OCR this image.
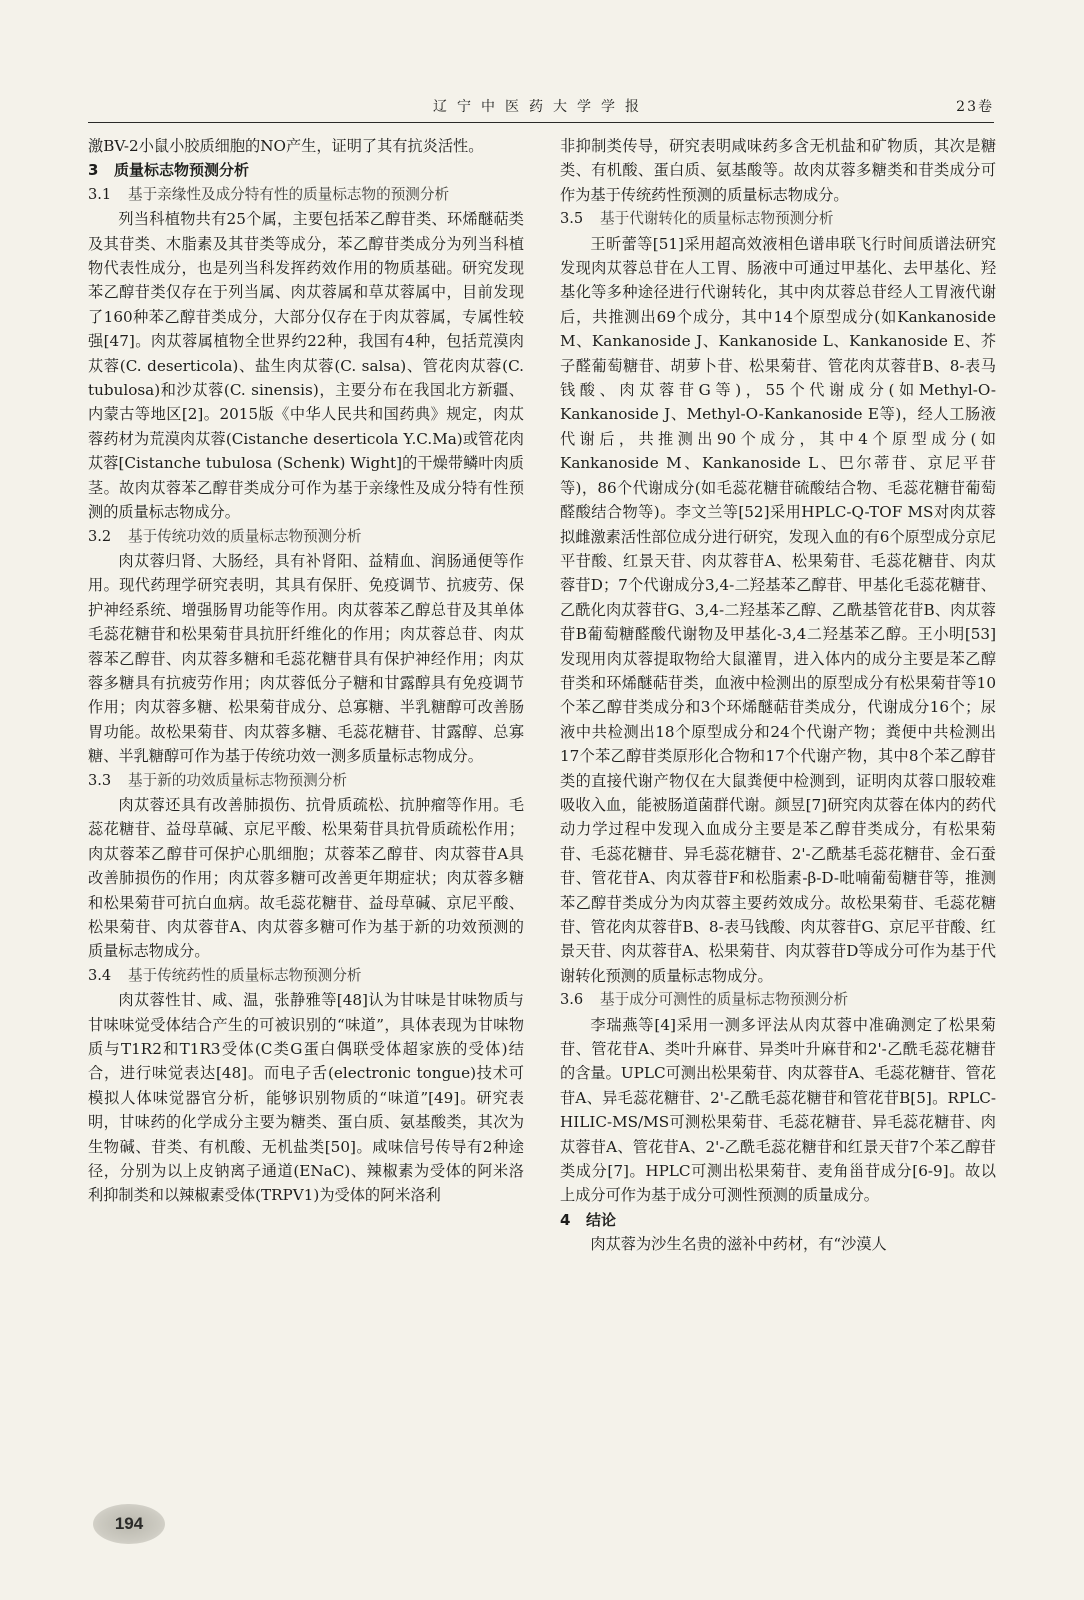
辽宁中医药大学学报	23卷

激BV-2小鼠小胶质细胞的NO产生，证明了其有抗炎活性。

3 质量标志物预测分析

3.1 基于亲缘性及成分特有性的质量标志物的预测分析

列当科植物共有25个属，主要包括苯乙醇苷类、环烯醚萜类及其苷类、木脂素及其苷类等成分，苯乙醇苷类成分为列当科植物代表性成分，也是列当科发挥药效作用的物质基础。研究发现苯乙醇苷类仅存在于列当属、肉苁蓉属和草苁蓉属中，目前发现了160种苯乙醇苷类成分，大部分仅存在于肉苁蓉属，专属性较强[47]。肉苁蓉属植物全世界约22种，我国有4种，包括荒漠肉苁蓉(C. deserticola)、盐生肉苁蓉(C. salsa)、管花肉苁蓉(C. tubulosa)和沙苁蓉(C. sinensis)，主要分布在我国北方新疆、内蒙古等地区[2]。2015版《中华人民共和国药典》规定，肉苁蓉药材为荒漠肉苁蓉(Cistanche deserticola Y.C.Ma)或管花肉苁蓉[Cistanche tubulosa (Schenk) Wight]的干燥带鳞叶肉质茎。故肉苁蓉苯乙醇苷类成分可作为基于亲缘性及成分特有性预测的质量标志物成分。

3.2 基于传统功效的质量标志物预测分析

肉苁蓉归肾、大肠经，具有补肾阳、益精血、润肠通便等作用。现代药理学研究表明，其具有保肝、免疫调节、抗疲劳、保护神经系统、增强肠胃功能等作用。肉苁蓉苯乙醇总苷及其单体毛蕊花糖苷和松果菊苷具抗肝纤维化的作用；肉苁蓉总苷、肉苁蓉苯乙醇苷、肉苁蓉多糖和毛蕊花糖苷具有保护神经作用；肉苁蓉多糖具有抗疲劳作用；肉苁蓉低分子糖和甘露醇具有免疫调节作用；肉苁蓉多糖、松果菊苷成分、总寡糖、半乳糖醇可改善肠胃功能。故松果菊苷、肉苁蓉多糖、毛蕊花糖苷、甘露醇、总寡糖、半乳糖醇可作为基于传统功效一测多质量标志物成分。

3.3 基于新的功效质量标志物预测分析

肉苁蓉还具有改善肺损伤、抗骨质疏松、抗肿瘤等作用。毛蕊花糖苷、益母草碱、京尼平酸、松果菊苷具抗骨质疏松作用；肉苁蓉苯乙醇苷可保护心肌细胞；苁蓉苯乙醇苷、肉苁蓉苷A具改善肺损伤的作用；肉苁蓉多糖可改善更年期症状；肉苁蓉多糖和松果菊苷可抗白血病。故毛蕊花糖苷、益母草碱、京尼平酸、松果菊苷、肉苁蓉苷A、肉苁蓉多糖可作为基于新的功效预测的质量标志物成分。

3.4 基于传统药性的质量标志物预测分析

肉苁蓉性甘、咸、温，张静雅等[48]认为甘味是甘味物质与甘味味觉受体结合产生的可被识别的“味道”，具体表现为甘味物质与T1R2和T1R3受体(C类G蛋白偶联受体超家族的受体)结合，进行味觉表达[48]。而电子舌(electronic tongue)技术可模拟人体味觉器官分析，能够识别物质的“味道”[49]。研究表明，甘味药的化学成分主要为糖类、蛋白质、氨基酸类，其次为生物碱、苷类、有机酸、无机盐类[50]。咸味信号传导有2种途径，分别为以上皮钠离子通道(ENaC)、辣椒素为受体的阿米洛利抑制类和以辣椒素受体(TRPV1)为受体的阿米洛利

非抑制类传导，研究表明咸味药多含无机盐和矿物质，其次是糖类、有机酸、蛋白质、氨基酸等。故肉苁蓉多糖类和苷类成分可作为基于传统药性预测的质量标志物成分。

3.5 基于代谢转化的质量标志物预测分析

王昕蕾等[51]采用超高效液相色谱串联飞行时间质谱法研究发现肉苁蓉总苷在人工胃、肠液中可通过甲基化、去甲基化、羟基化等多种途径进行代谢转化，其中肉苁蓉总苷经人工胃液代谢后，共推测出69个成分，其中14个原型成分(如Kankanoside M、Kankanoside J、Kankanoside L、Kankanoside E、芥子醛葡萄糖苷、胡萝卜苷、松果菊苷、管花肉苁蓉苷B、8-表马钱酸、肉苁蓉苷G等)，55个代谢成分(如Methyl-O-Kankanoside J、Methyl-O-Kankanoside E等)，经人工肠液代谢后，共推测出90个成分，其中4个原型成分(如Kankanoside M、Kankanoside L、巴尔蒂苷、京尼平苷等)，86个代谢成分(如毛蕊花糖苷硫酸结合物、毛蕊花糖苷葡萄醛酸结合物等)。李文兰等[52]采用HPLC-Q-TOF MS对肉苁蓉拟雌激素活性部位成分进行研究，发现入血的有6个原型成分京尼平苷酸、红景天苷、肉苁蓉苷A、松果菊苷、毛蕊花糖苷、肉苁蓉苷D；7个代谢成分3,4-二羟基苯乙醇苷、甲基化毛蕊花糖苷、乙酰化肉苁蓉苷G、3,4-二羟基苯乙醇、乙酰基管花苷B、肉苁蓉苷B葡萄糖醛酸代谢物及甲基化-3,4二羟基苯乙醇。王小明[53]发现用肉苁蓉提取物给大鼠灌胃，进入体内的成分主要是苯乙醇苷类和环烯醚萜苷类，血液中检测出的原型成分有松果菊苷等10个苯乙醇苷类成分和3个环烯醚萜苷类成分，代谢成分16个；尿液中共检测出18个原型成分和24个代谢产物；粪便中共检测出17个苯乙醇苷类原形化合物和17个代谢产物，其中8个苯乙醇苷类的直接代谢产物仅在大鼠粪便中检测到，证明肉苁蓉口服较难吸收入血，能被肠道菌群代谢。颜昱[7]研究肉苁蓉在体内的药代动力学过程中发现入血成分主要是苯乙醇苷类成分，有松果菊苷、毛蕊花糖苷、异毛蕊花糖苷、2'-乙酰基毛蕊花糖苷、金石蚕苷、管花苷A、肉苁蓉苷F和松脂素-β-D-吡喃葡萄糖苷等，推测苯乙醇苷类成分为肉苁蓉主要药效成分。故松果菊苷、毛蕊花糖苷、管花肉苁蓉苷B、8-表马钱酸、肉苁蓉苷G、京尼平苷酸、红景天苷、肉苁蓉苷A、松果菊苷、肉苁蓉苷D等成分可作为基于代谢转化预测的质量标志物成分。

3.6 基于成分可测性的质量标志物预测分析

李瑞燕等[4]采用一测多评法从肉苁蓉中准确测定了松果菊苷、管花苷A、类叶升麻苷、异类叶升麻苷和2'-乙酰毛蕊花糖苷的含量。UPLC可测出松果菊苷、肉苁蓉苷A、毛蕊花糖苷、管花苷A、异毛蕊花糖苷、2'-乙酰毛蕊花糖苷和管花苷B[5]。RPLC-HILIC-MS/MS可测松果菊苷、毛蕊花糖苷、异毛蕊花糖苷、肉苁蓉苷A、管花苷A、2'-乙酰毛蕊花糖苷和红景天苷7个苯乙醇苷类成分[7]。HPLC可测出松果菊苷、麦角甾苷成分[6-9]。故以上成分可作为基于成分可测性预测的质量成分。

4 结论

肉苁蓉为沙生名贵的滋补中药材，有“沙漠人

194
